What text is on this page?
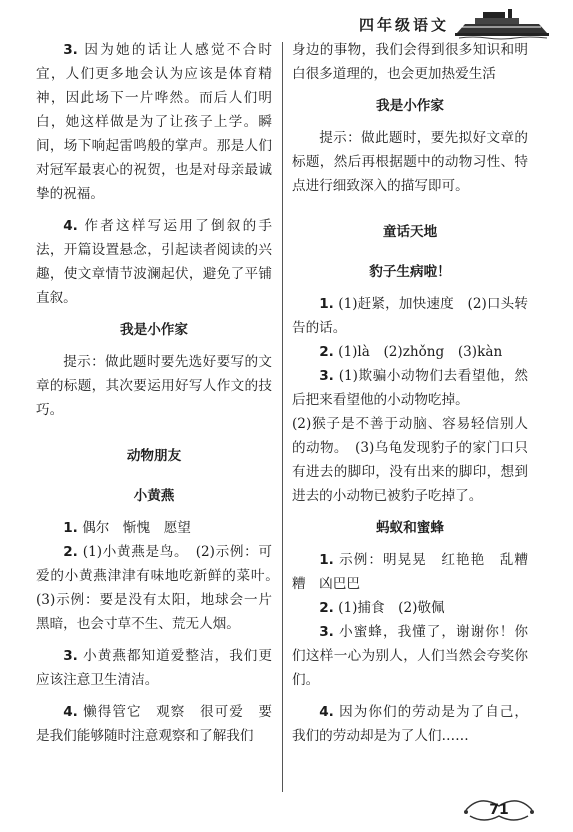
四年级语文

3. 因为她的话让人感觉不合时宜，人们更多地会认为应该是体育精神，因此场下一片哗然。而后人们明白，她这样做是为了让孩子上学。瞬间，场下响起雷鸣般的掌声。那是人们对冠军最衷心的祝贺，也是对母亲最诚挚的祝福。

4. 作者这样写运用了倒叙的手法，开篇设置悬念，引起读者阅读的兴趣，使文章情节波澜起伏，避免了平铺直叙。

我是小作家

提示：做此题时要先选好要写的文章的标题，其次要运用好写人作文的技巧。

动物朋友

小黄燕

1. 偶尔　惭愧　愿望

2. (1)小黄燕是鸟。　(2)示例：可爱的小黄燕津津有味地吃新鲜的菜叶。　(3)示例：要是没有太阳，地球会一片黑暗，也会寸草不生、荒无人烟。

3. 小黄燕都知道爱整洁，我们更应该注意卫生清洁。

4. 懒得管它　观察　很可爱　要是我们能够随时注意观察和了解我们

身边的事物，我们会得到很多知识和明白很多道理的，也会更加热爱生活

我是小作家

提示：做此题时，要先拟好文章的标题，然后再根据题中的动物习性、特点进行细致深入的描写即可。

童话天地

豹子生病啦！

1. (1)赶紧，加快速度　(2)口头转告的话。

2. (1)là　(2)zhǒng　(3)kàn

3. (1)欺骗小动物们去看望他，然后把来看望他的小动物吃掉。

(2)猴子是不善于动脑、容易轻信别人的动物。　(3)乌龟发现豹子的家门口只有进去的脚印，没有出来的脚印，想到进去的小动物已被豹子吃掉了。

蚂蚁和蜜蜂

1. 示例：明晃晃　红艳艳　乱糟糟　凶巴巴

2. (1)捕食　(2)敬佩

3. 小蜜蜂，我懂了，谢谢你！你们这样一心为别人，人们当然会夸奖你们。

4. 因为你们的劳动是为了自己，我们的劳动却是为了人们……

71
